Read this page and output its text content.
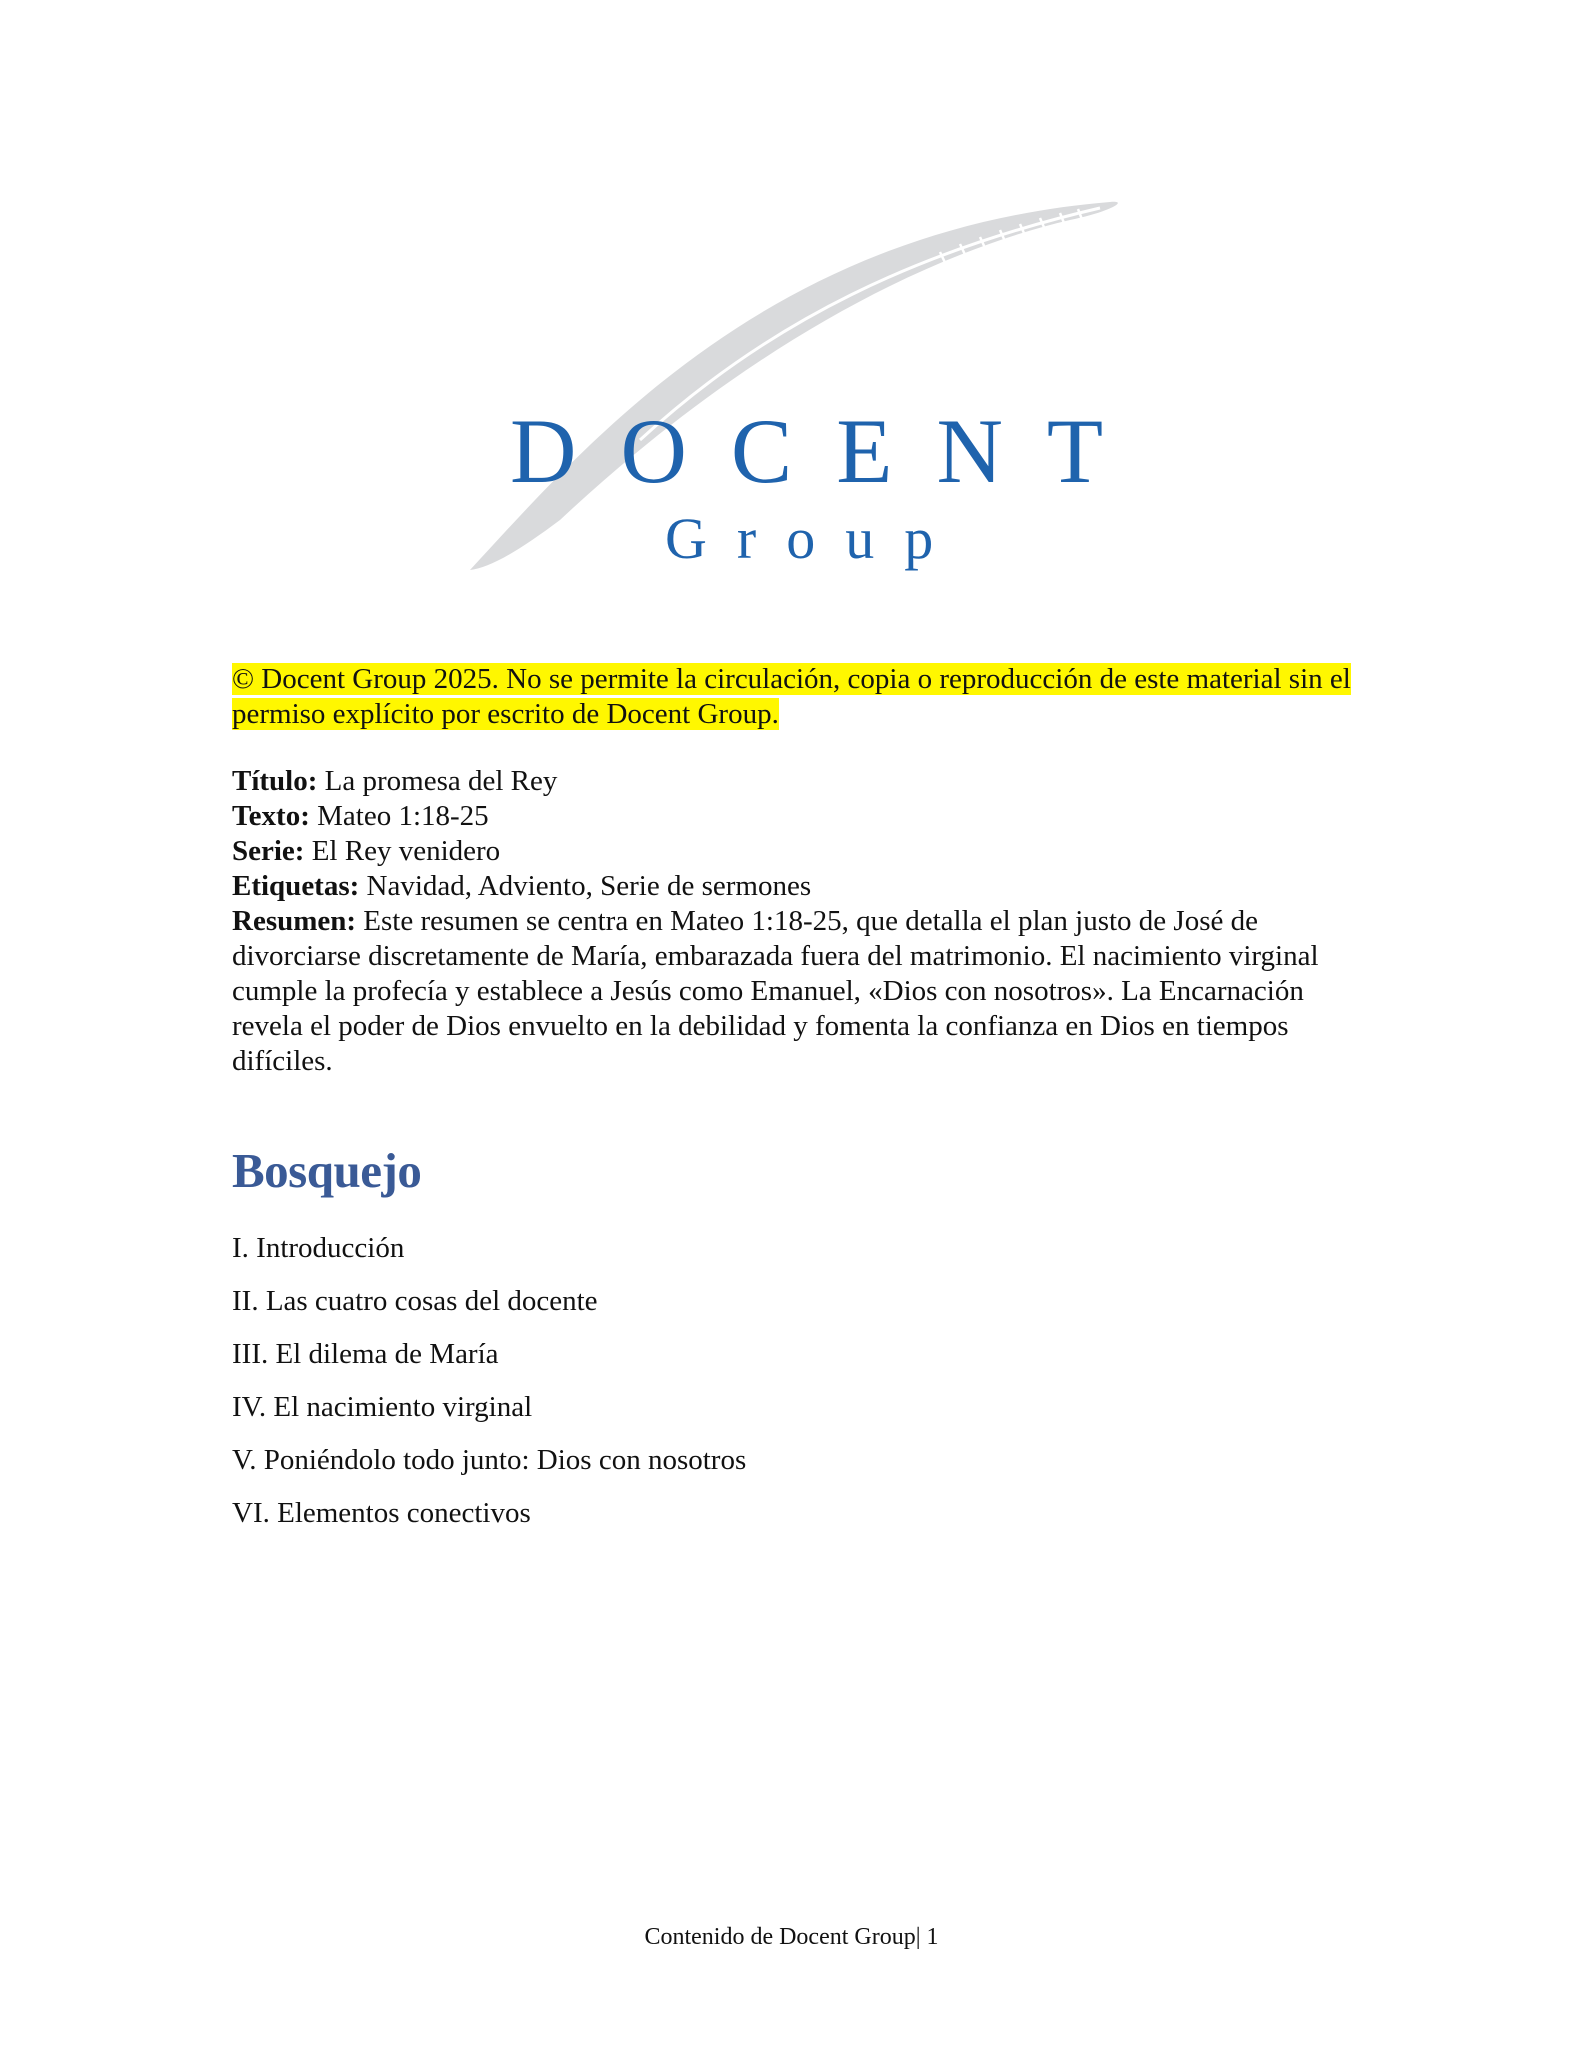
DOCENT
Group

© Docent Group 2025. No se permite la circulación, copia o reproducción de este material sin el permiso explícito por escrito de Docent Group.

Título: La promesa del Rey

Texto: Mateo 1:18-25

Serie: El Rey venidero

Etiquetas: Navidad, Adviento, Serie de sermones

Resumen: Este resumen se centra en Mateo 1:18-25, que detalla el plan justo de José de divorciarse discretamente de María, embarazada fuera del matrimonio. El nacimiento virginal cumple la profecía y establece a Jesús como Emanuel, «Dios con nosotros». La Encarnación revela el poder de Dios envuelto en la debilidad y fomenta la confianza en Dios en tiempos difíciles.

Bosquejo
I. Introducción
II. Las cuatro cosas del docente
III. El dilema de María
IV. El nacimiento virginal
V. Poniéndolo todo junto: Dios con nosotros
VI. Elementos conectivos
Contenido de Docent Group| 1
